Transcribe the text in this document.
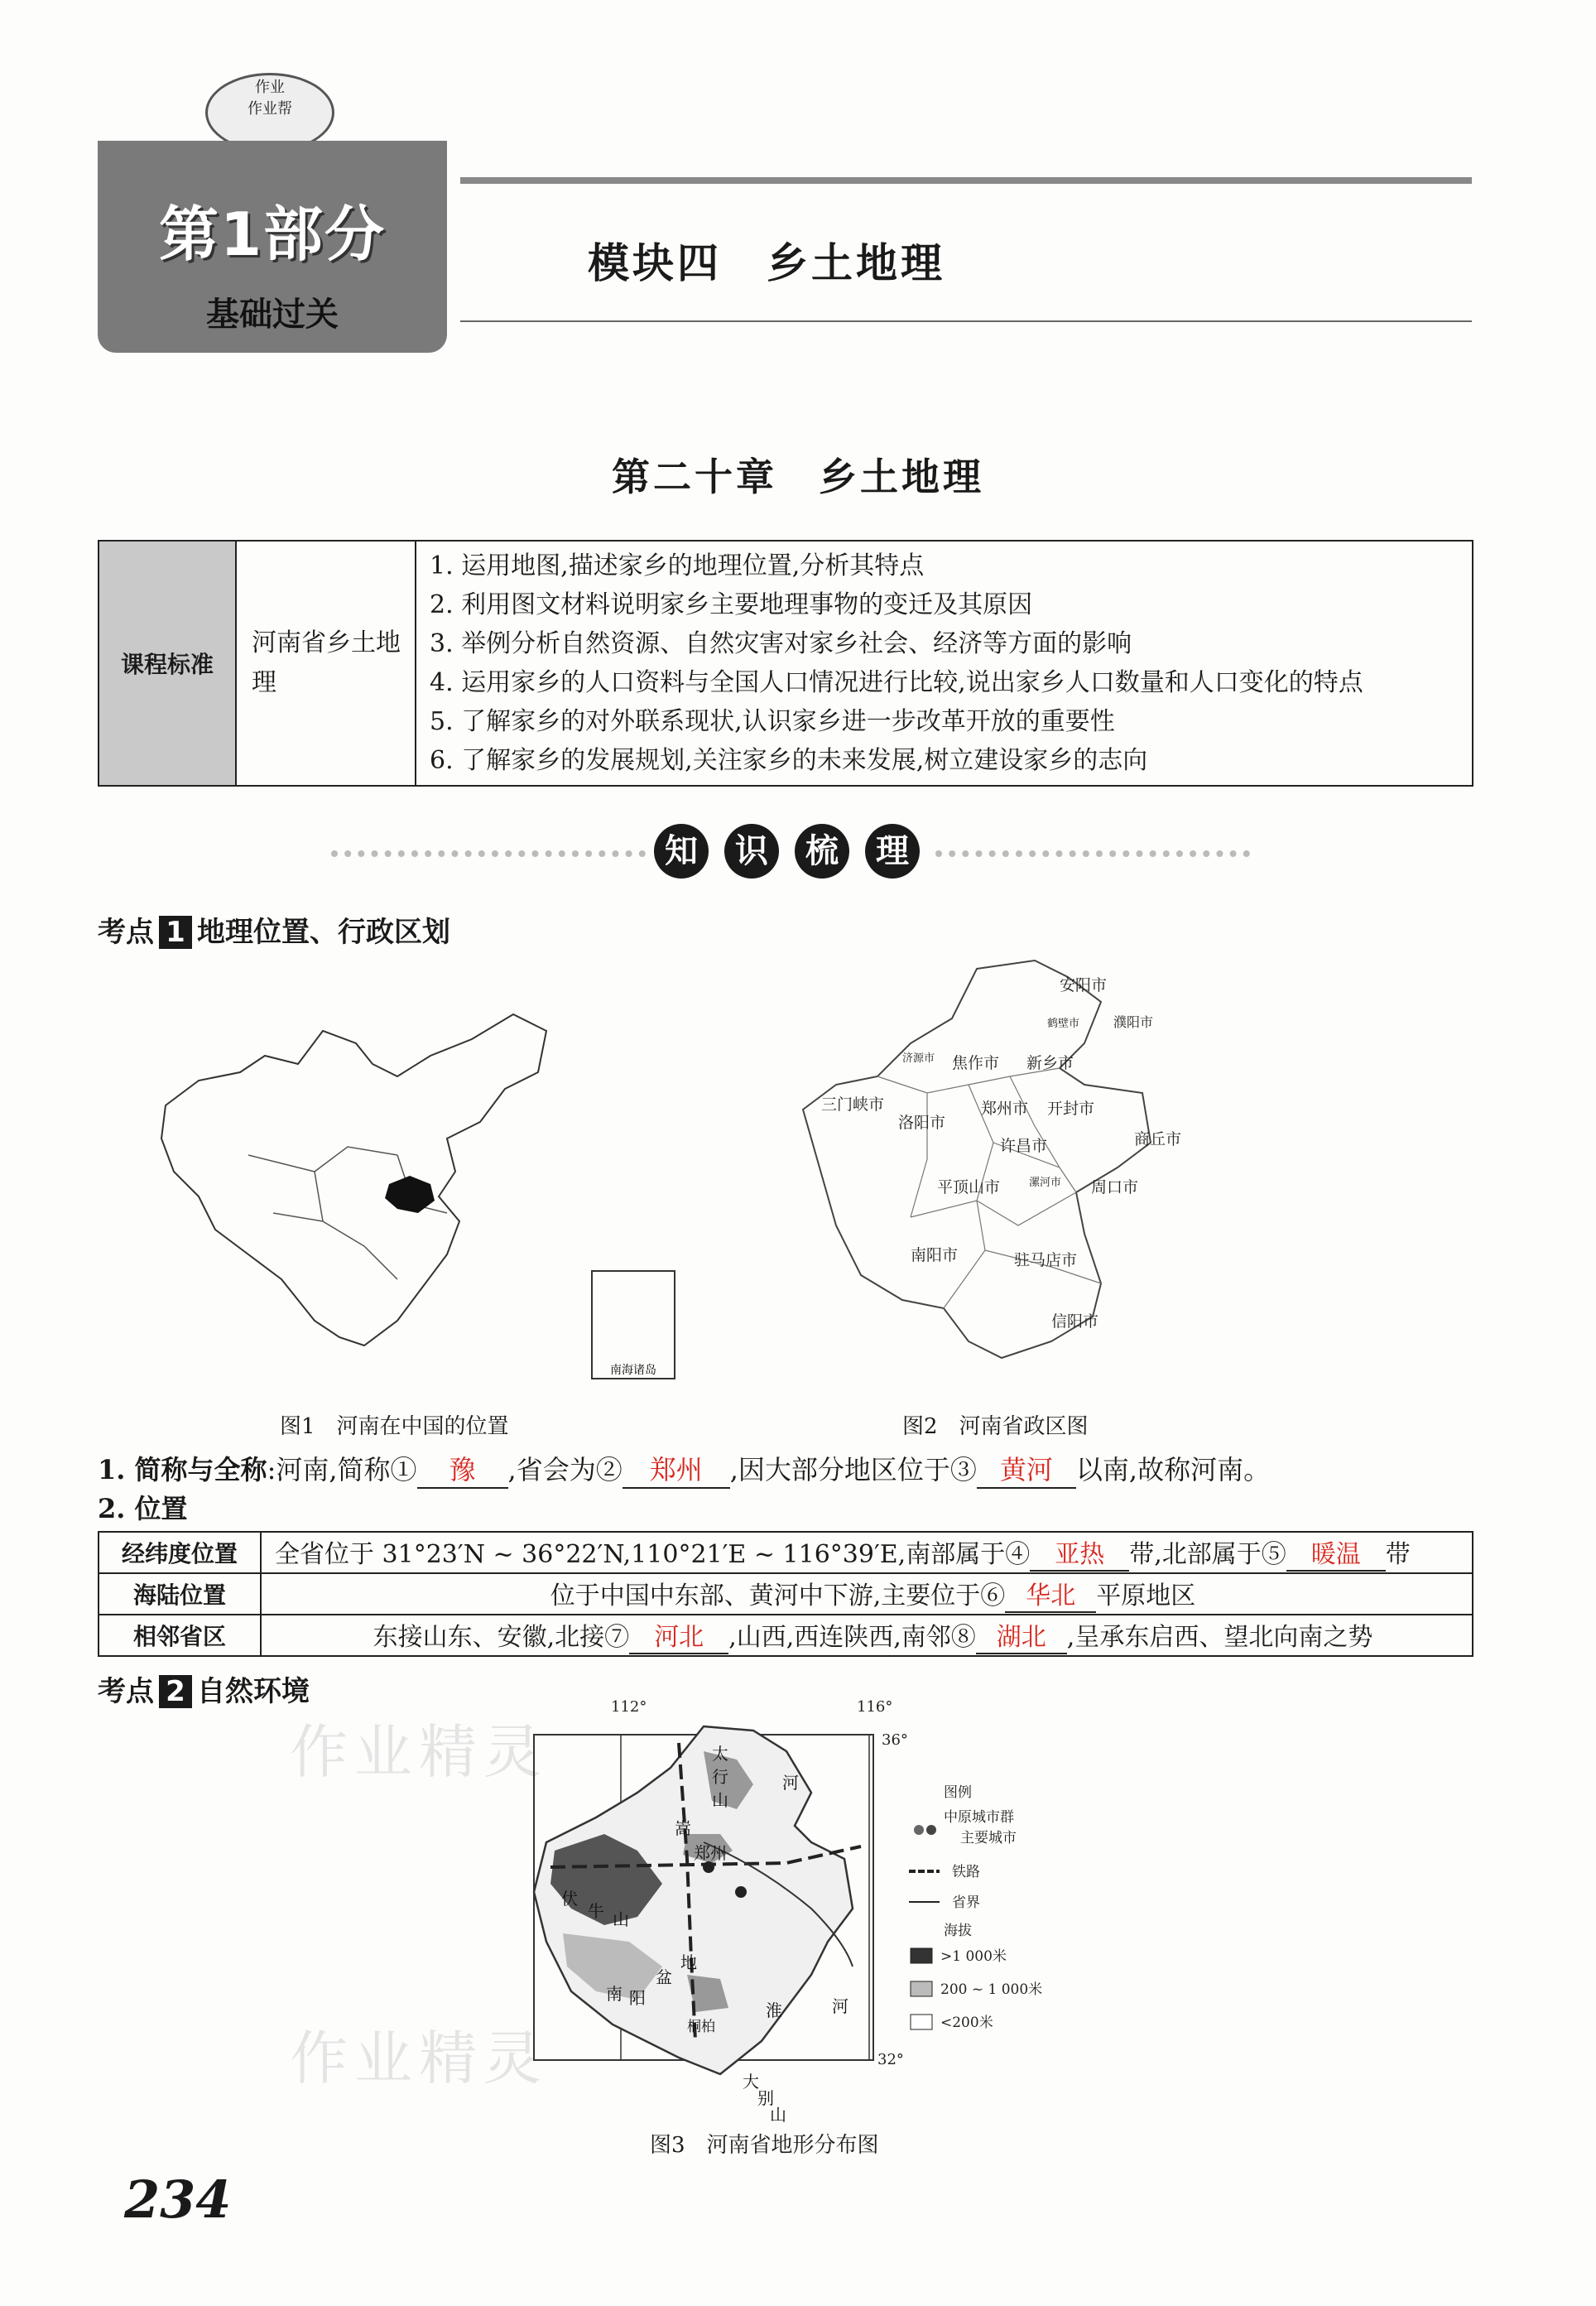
作业
作业帮
第1部分
基础过关
模块四　乡土地理
第二十章　乡土地理
课程标准	河南省乡土地理	
1. 运用地图,描述家乡的地理位置,分析其特点
2. 利用图文材料说明家乡主要地理事物的变迁及其原因
3. 举例分析自然资源、自然灾害对家乡社会、经济等方面的影响
4. 运用家乡的人口资料与全国人口情况进行比较,说出家乡人口数量和人口变化的特点
5. 了解家乡的对外联系现状,认识家乡进一步改革开放的重要性
6. 了解家乡的发展规划,关注家乡的未来发展,树立建设家乡的志向
知	识	梳	理
考点 1 地理位置、行政区划
南海诸岛
图1　河南在中国的位置
安阳市
鹤壁市	濮阳市
济源市 焦作市 新乡市
三门峡市	郑州市 开封市
洛阳市
许昌市	商丘市
平顶山市	漯河市 周口市
南阳市	驻马店市
信阳市
图2　河南省政区图
1. 简称与全称:河南,简称① 豫 ,省会为② 郑州 ,因大部分地区位于③ 黄河 以南,故称河南。
2. 位置
经纬度位置	全省位于 31°23′N ~ 36°22′N,110°21′E ~ 116°39′E,南部属于④ 亚热 带,北部属于⑤ 暖温 带
海陆位置	位于中国中东部、黄河中下游,主要位于⑥ 华北 平原地区
相邻省区	东接山东、安徽,北接⑦ 河北 ,山西,西连陕西,南邻⑧ 湖北 ,呈承东启西、望北向南之势
考点 2 自然环境
作业精灵
作业精灵
112°	116°
36°
32°
太
行
山
河
嵩
郑州
伏
牛 山
南 阳
盆
地
淮	河
桐柏
大
别
山
图例
中原城市群
主要城市
铁路
省界
海拔
>1 000米
200 ~ 1 000米
<200米
图3　河南省地形分布图
234
